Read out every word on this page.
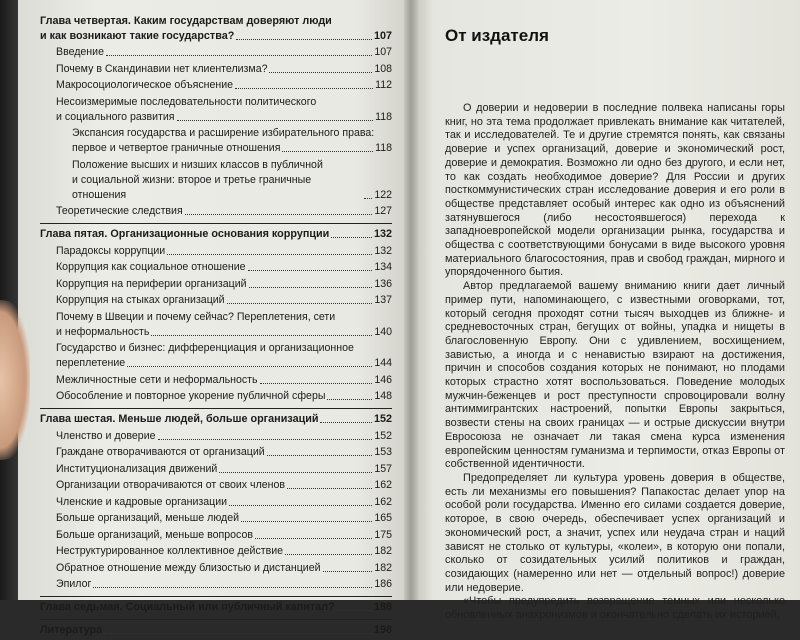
Глава четвертая. Каким государствам доверяют люди
и как возникают такие государства?	107
Введение	107
Почему в Скандинавии нет клиентелизма?	108
Макросоциологическое объяснение	112
Несоизмеримые последовательности политического
и социального развития	118
Экспансия государства и расширение избирательного права:
первое и четвертое граничные отношения	118
Положение высших и низших классов в публичной
и социальной жизни: второе и третье граничные отношения	122
Теоретические следствия	127
Глава пятая. Организационные основания коррупции	132
Парадоксы коррупции	132
Коррупция как социальное отношение	134
Коррупция на периферии организаций	136
Коррупция на стыках организаций	137
Почему в Швеции и почему сейчас? Переплетения, сети
и неформальность	140
Государство и бизнес: дифференциация и организационное
переплетение	144
Межличностные сети и неформальность	146
Обособление и повторное укорение публичной сферы	148
Глава шестая. Меньше людей, больше организаций	152
Членство и доверие	152
Граждане отворачиваются от организаций	153
Институционализация движений	157
Организации отворачиваются от своих членов	162
Членские и кадровые организации	162
Больше организаций, меньше людей	165
Больше организаций, меньше вопросов	175
Неструктурированное коллективное действие	182
Обратное отношение между близостью и дистанцией	182
Эпилог	186
Глава седьмая. Социальный или публичный капитал?	188
Литература	198
От издателя

О доверии и недоверии в последние полвека написаны горы книг, но эта тема продолжает привлекать внимание как читателей, так и исследователей. Те и другие стремятся понять, как связаны доверие и успех организаций, доверие и экономический рост, доверие и демократия. Возможно ли одно без другого, и если нет, то как создать необходимое доверие? Для России и других посткоммунистических стран исследование доверия и его роли в обществе представляет особый интерес как одно из объяснений затянувшегося (либо несостоявшегося) перехода к западноевропейской модели организации рынка, государства и общества с соответствующими бонусами в виде высокого уровня материального благосостояния, прав и свобод граждан, мирного и упорядоченного бытия.

Автор предлагаемой вашему вниманию книги дает личный пример пути, напоминающего, с известными оговорками, тот, который сегодня проходят сотни тысяч выходцев из ближне- и средневосточных стран, бегущих от войны, упадка и нищеты в благословенную Европу. Они с удивлением, восхищением, завистью, а иногда и с ненавистью взирают на достижения, причин и способов создания которых не понимают, но плодами которых страстно хотят воспользоваться. Поведение молодых мужчин-беженцев и рост преступности спровоцировали волну антиммигрантских настроений, попытки Европы закрыться, возвести стены на своих границах — и острые дискуссии внутри Евросоюза не означает ли такая смена курса изменения европейским ценностям гуманизма и терпимости, отказ Европы от собственной идентичности.

Предопределяет ли культура уровень доверия в обществе, есть ли механизмы его повышения? Папакостас делает упор на особой роли государства. Именно его силами создается доверие, которое, в свою очередь, обеспечивает успех организаций и экономический рост, а значит, успех или неудача стран и наций зависят не столько от культуры, «колеи», в которую они попали, сколько от созидательных усилий политиков и граждан, созидающих (намеренно или нет — отдельный вопрос!) доверие или недоверие.

«Чтобы предупредить возвращение темных или несколько обновленных анахронизмов и окончательно сделать их историей,
